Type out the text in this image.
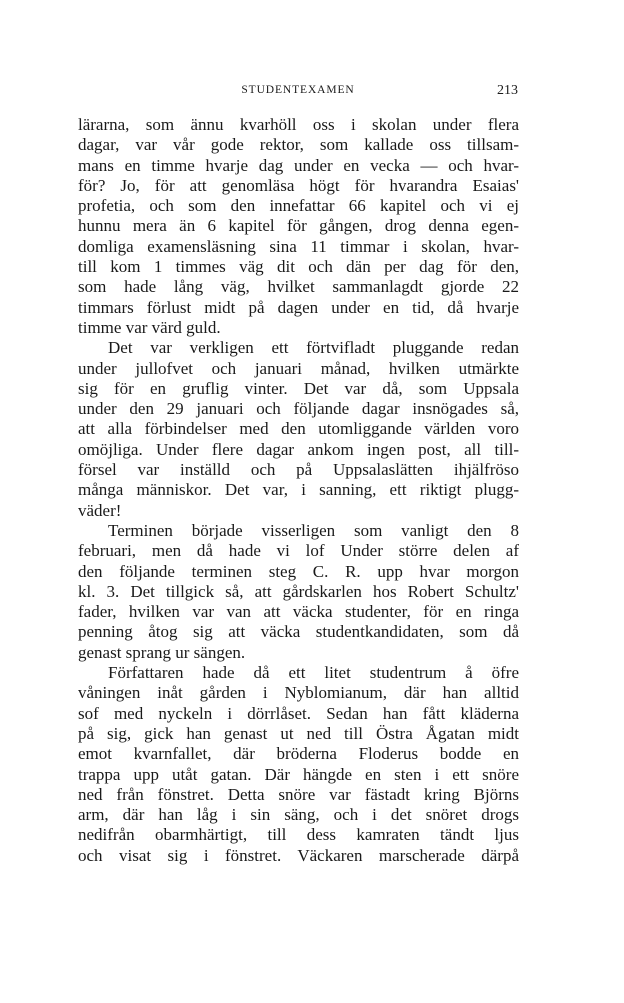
STUDENTEXAMEN	213
lärarna, som ännu kvarhöll oss i skolan under flera
dagar, var vår gode rektor, som kallade oss tillsam-
mans en timme hvarje dag under en vecka — och hvar-
för? Jo, för att genomläsa högt för hvarandra Esaias'
profetia, och som den innefattar 66 kapitel och vi ej
hunnu mera än 6 kapitel för gången, drog denna egen-
domliga examensläsning sina 11 timmar i skolan, hvar-
till kom 1 timmes väg dit och dän per dag för den,
som hade lång väg, hvilket sammanlagdt gjorde 22
timmars förlust midt på dagen under en tid, då hvarje
timme var värd guld.
Det var verkligen ett förtvifladt pluggande redan
under jullofvet och januari månad, hvilken utmärkte
sig för en gruflig vinter. Det var då, som Uppsala
under den 29 januari och följande dagar insnögades så,
att alla förbindelser med den utomliggande världen voro
omöjliga. Under flere dagar ankom ingen post, all till-
försel var inställd och på Uppsalaslätten ihjälfröso
många människor. Det var, i sanning, ett riktigt plugg-
väder!
Terminen började visserligen som vanligt den 8
februari, men då hade vi lof Under större delen af
den följande terminen steg C. R. upp hvar morgon
kl. 3. Det tillgick så, att gårdskarlen hos Robert Schultz'
fader, hvilken var van att väcka studenter, för en ringa
penning åtog sig att väcka studentkandidaten, som då
genast sprang ur sängen.
Författaren hade då ett litet studentrum å öfre
våningen inåt gården i Nyblomianum, där han alltid
sof med nyckeln i dörrlåset. Sedan han fått kläderna
på sig, gick han genast ut ned till Östra Ågatan midt
emot kvarnfallet, där bröderna Floderus bodde en
trappa upp utåt gatan. Där hängde en sten i ett snöre
ned från fönstret. Detta snöre var fästadt kring Björns
arm, där han låg i sin säng, och i det snöret drogs
nedifrån obarmhärtigt, till dess kamraten tändt ljus
och visat sig i fönstret. Väckaren marscherade därpå
